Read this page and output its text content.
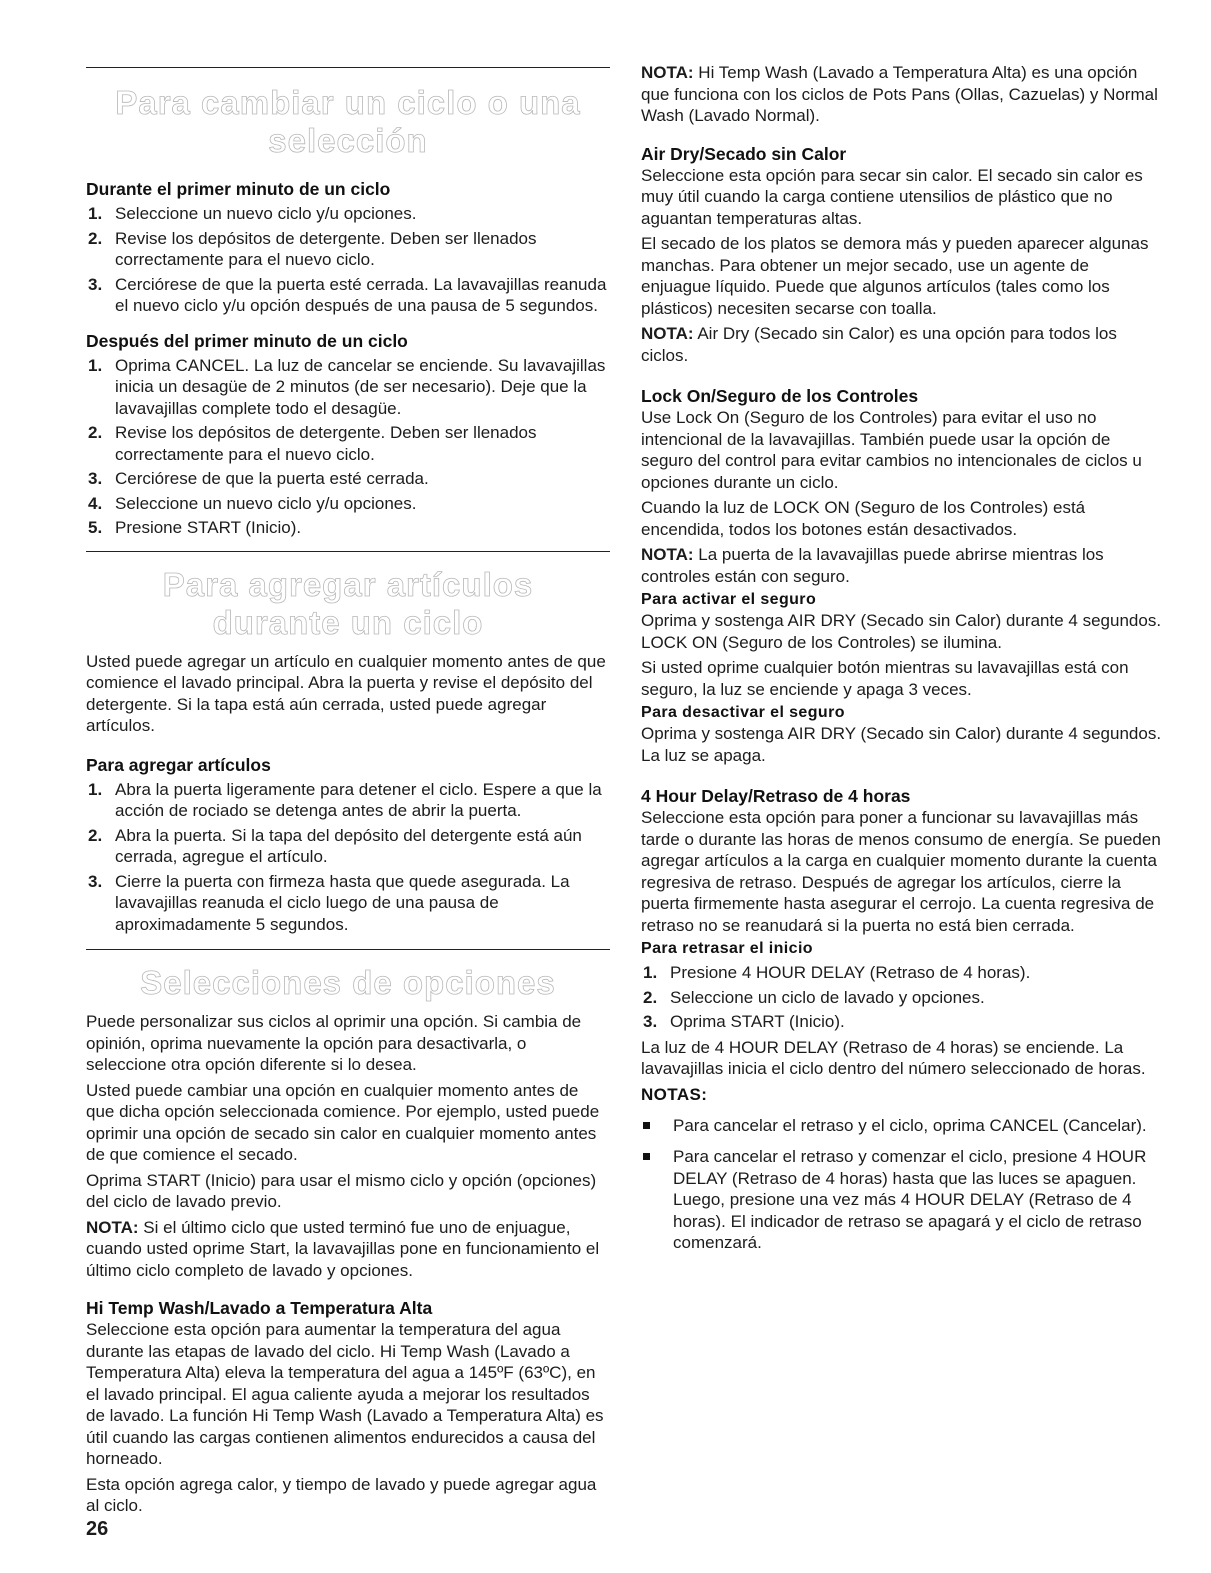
Para cambiar un ciclo o una selección
Durante el primer minuto de un ciclo
1. Seleccione un nuevo ciclo y/u opciones.
2. Revise los depósitos de detergente. Deben ser llenados correctamente para el nuevo ciclo.
3. Cerciórese de que la puerta esté cerrada. La lavavajillas reanuda el nuevo ciclo y/u opción después de una pausa de 5 segundos.
Después del primer minuto de un ciclo
1. Oprima CANCEL. La luz de cancelar se enciende. Su lavavajillas inicia un desagüe de 2 minutos (de ser necesario). Deje que la lavavajillas complete todo el desagüe.
2. Revise los depósitos de detergente. Deben ser llenados correctamente para el nuevo ciclo.
3. Cerciórese de que la puerta esté cerrada.
4. Seleccione un nuevo ciclo y/u opciones.
5. Presione START (Inicio).
Para agregar artículos
durante un ciclo

Usted puede agregar un artículo en cualquier momento antes de que comience el lavado principal. Abra la puerta y revise el depósito del detergente. Si la tapa está aún cerrada, usted puede agregar artículos.

Para agregar artículos
1. Abra la puerta ligeramente para detener el ciclo. Espere a que la acción de rociado se detenga antes de abrir la puerta.
2. Abra la puerta. Si la tapa del depósito del detergente está aún cerrada, agregue el artículo.
3. Cierre la puerta con firmeza hasta que quede asegurada. La lavavajillas reanuda el ciclo luego de una pausa de aproximadamente 5 segundos.
Selecciones de opciones

Puede personalizar sus ciclos al oprimir una opción. Si cambia de opinión, oprima nuevamente la opción para desactivarla, o seleccione otra opción diferente si lo desea.

Usted puede cambiar una opción en cualquier momento antes de que dicha opción seleccionada comience. Por ejemplo, usted puede oprimir una opción de secado sin calor en cualquier momento antes de que comience el secado.

Oprima START (Inicio) para usar el mismo ciclo y opción (opciones) del ciclo de lavado previo.

NOTA: Si el último ciclo que usted terminó fue uno de enjuague, cuando usted oprime Start, la lavavajillas pone en funcionamiento el último ciclo completo de lavado y opciones.

Hi Temp Wash/Lavado a Temperatura Alta

Seleccione esta opción para aumentar la temperatura del agua durante las etapas de lavado del ciclo. Hi Temp Wash (Lavado a Temperatura Alta) eleva la temperatura del agua a 145ºF (63ºC), en el lavado principal. El agua caliente ayuda a mejorar los resultados de lavado. La función Hi Temp Wash (Lavado a Temperatura Alta) es útil cuando las cargas contienen alimentos endurecidos a causa del horneado.

Esta opción agrega calor, y tiempo de lavado y puede agregar agua al ciclo.

NOTA: Hi Temp Wash (Lavado a Temperatura Alta) es una opción que funciona con los ciclos de Pots Pans (Ollas, Cazuelas) y Normal Wash (Lavado Normal).

Air Dry/Secado sin Calor

Seleccione esta opción para secar sin calor. El secado sin calor es muy útil cuando la carga contiene utensilios de plástico que no aguantan temperaturas altas.

El secado de los platos se demora más y pueden aparecer algunas manchas. Para obtener un mejor secado, use un agente de enjuague líquido. Puede que algunos artículos (tales como los plásticos) necesiten secarse con toalla.

NOTA: Air Dry (Secado sin Calor) es una opción para todos los ciclos.

Lock On/Seguro de los Controles

Use Lock On (Seguro de los Controles) para evitar el uso no intencional de la lavavajillas. También puede usar la opción de seguro del control para evitar cambios no intencionales de ciclos u opciones durante un ciclo.

Cuando la luz de LOCK ON (Seguro de los Controles) está encendida, todos los botones están desactivados.

NOTA: La puerta de la lavavajillas puede abrirse mientras los controles están con seguro.

Para activar el seguro

Oprima y sostenga AIR DRY (Secado sin Calor) durante 4 segundos. LOCK ON (Seguro de los Controles) se ilumina.

Si usted oprime cualquier botón mientras su lavavajillas está con seguro, la luz se enciende y apaga 3 veces.

Para desactivar el seguro

Oprima y sostenga AIR DRY (Secado sin Calor) durante 4 segundos. La luz se apaga.

4 Hour Delay/Retraso de 4 horas

Seleccione esta opción para poner a funcionar su lavavajillas más tarde o durante las horas de menos consumo de energía. Se pueden agregar artículos a la carga en cualquier momento durante la cuenta regresiva de retraso. Después de agregar los artículos, cierre la puerta firmemente hasta asegurar el cerrojo. La cuenta regresiva de retraso no se reanudará si la puerta no está bien cerrada.

Para retrasar el inicio
1. Presione 4 HOUR DELAY (Retraso de 4 horas).
2. Seleccione un ciclo de lavado y opciones.
3. Oprima START (Inicio).

La luz de 4 HOUR DELAY (Retraso de 4 horas) se enciende. La lavavajillas inicia el ciclo dentro del número seleccionado de horas.

NOTAS:
Para cancelar el retraso y el ciclo, oprima CANCEL (Cancelar).
Para cancelar el retraso y comenzar el ciclo, presione 4 HOUR DELAY (Retraso de 4 horas) hasta que las luces se apaguen. Luego, presione una vez más 4 HOUR DELAY (Retraso de 4 horas). El indicador de retraso se apagará y el ciclo de retraso comenzará.
26
